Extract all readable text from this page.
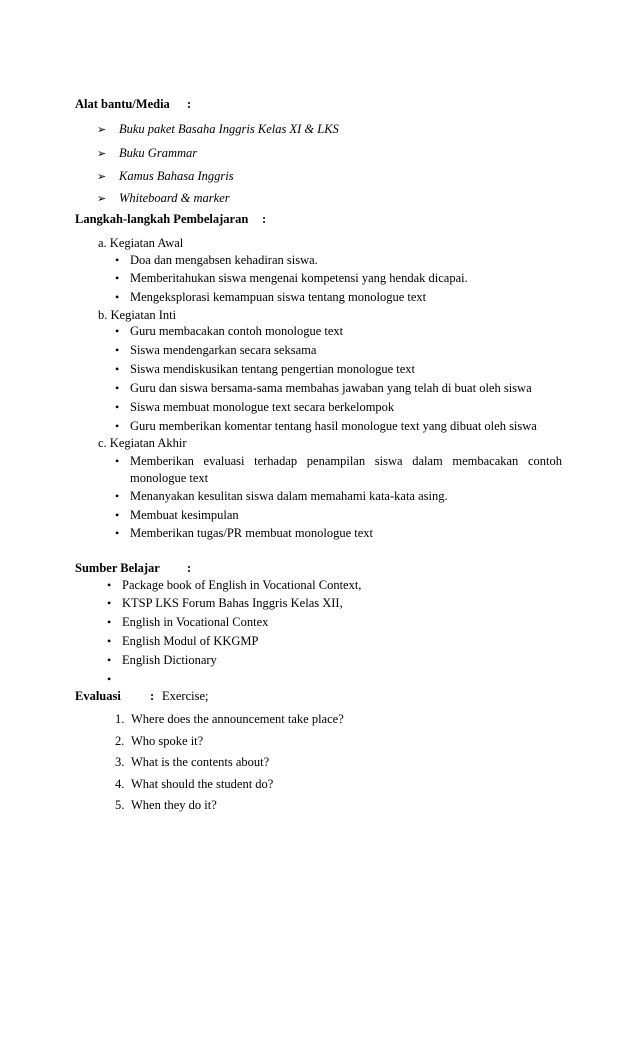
Alat bantu/Media :
➢ Buku paket Basaha Inggris Kelas XI & LKS
➢ Buku Grammar
➢ Kamus Bahasa Inggris
➢ Whiteboard & marker
Langkah-langkah Pembelajaran :
a. Kegiatan Awal
• Doa dan mengabsen kehadiran siswa.
• Memberitahukan siswa mengenai kompetensi yang hendak dicapai.
• Mengeksplorasi kemampuan siswa tentang monologue text
b. Kegiatan Inti
• Guru membacakan contoh monologue text
• Siswa mendengarkan secara seksama
• Siswa mendiskusikan tentang pengertian monologue text
• Guru dan siswa bersama-sama membahas jawaban yang telah di buat oleh siswa
• Siswa membuat monologue text secara berkelompok
• Guru memberikan komentar tentang hasil monologue text yang dibuat oleh siswa
c. Kegiatan Akhir
• Memberikan evaluasi terhadap penampilan siswa dalam membacakan contoh
monologue text
• Menanyakan kesulitan siswa dalam memahami kata-kata asing.
• Membuat kesimpulan
• Memberikan tugas/PR membuat monologue text
Sumber Belajar :
• Package book of English in Vocational Context,
• KTSP LKS Forum Bahas Inggris Kelas XII,
• English in Vocational Contex
• English Modul of KKGMP
• English Dictionary
•
Evaluasi : Exercise;
1. Where does the announcement take place?
2. Who spoke it?
3. What is the contents about?
4. What should the student do?
5. When they do it?
